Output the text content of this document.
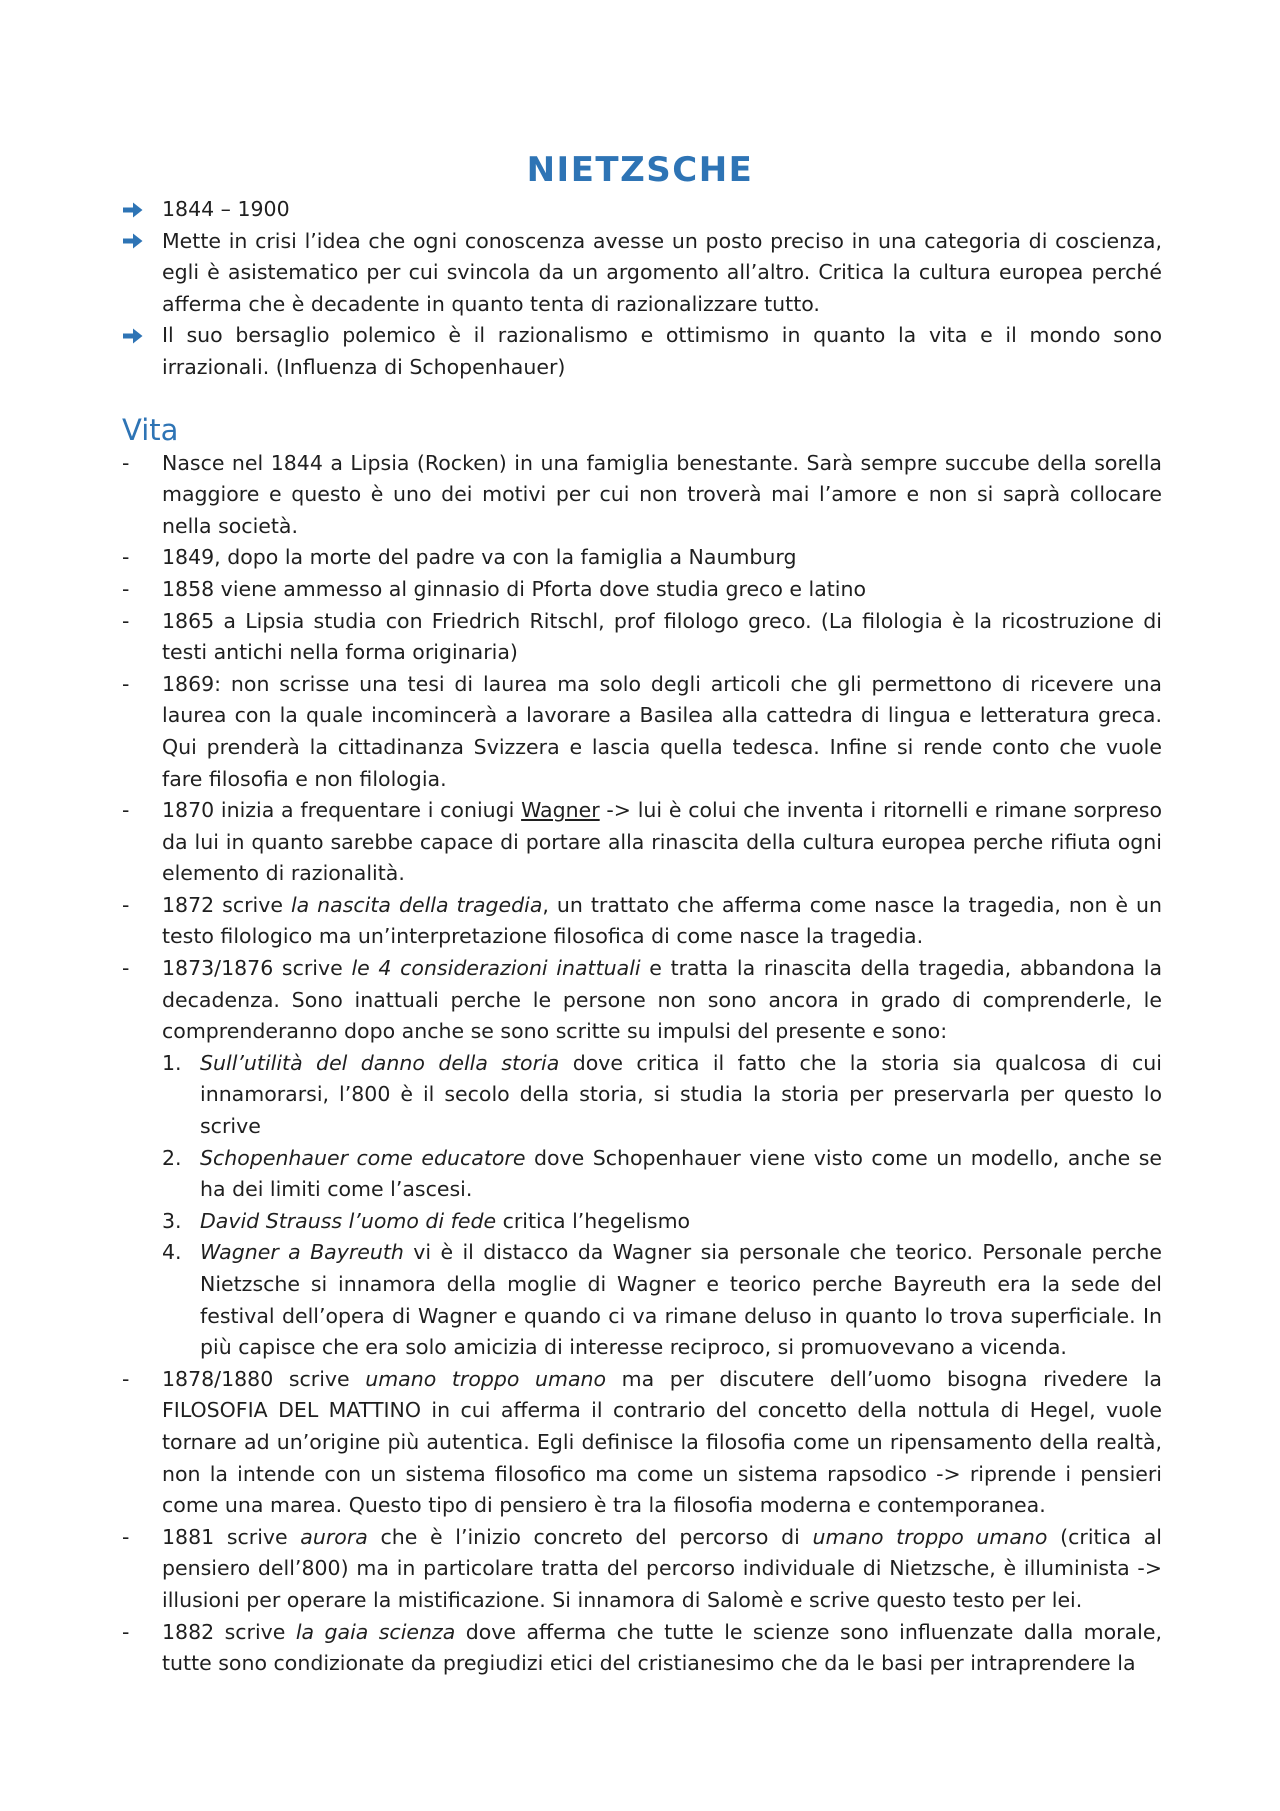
NIETZSCHE
1844 – 1900
Mette in crisi l’idea che ogni conoscenza avesse un posto preciso in una categoria di coscienza, egli è asistematico per cui svincola da un argomento all’altro. Critica la cultura europea perché afferma che è decadente in quanto tenta di razionalizzare tutto.
Il suo bersaglio polemico è il razionalismo e ottimismo in quanto la vita e il mondo sono irrazionali. (Influenza di Schopenhauer)
Vita
-	Nasce nel 1844 a Lipsia (Rocken) in una famiglia benestante. Sarà sempre succube della sorella maggiore e questo è uno dei motivi per cui non troverà mai l’amore e non si saprà collocare nella società.
-	1849, dopo la morte del padre va con la famiglia a Naumburg
-	1858 viene ammesso al ginnasio di Pforta dove studia greco e latino
-	1865 a Lipsia studia con Friedrich Ritschl, prof filologo greco. (La filologia è la ricostruzione di testi antichi nella forma originaria)
-	1869: non scrisse una tesi di laurea ma solo degli articoli che gli permettono di ricevere una laurea con la quale incomincerà a lavorare a Basilea alla cattedra di lingua e letteratura greca. Qui prenderà la cittadinanza Svizzera e lascia quella tedesca. Infine si rende conto che vuole fare filosofia e non filologia.
-	1870 inizia a frequentare i coniugi Wagner -> lui è colui che inventa i ritornelli e rimane sorpreso da lui in quanto sarebbe capace di portare alla rinascita della cultura europea perche rifiuta ogni elemento di razionalità.
-	1872 scrive la nascita della tragedia, un trattato che afferma come nasce la tragedia, non è un testo filologico ma un’interpretazione filosofica di come nasce la tragedia.
-	1873/1876 scrive le 4 considerazioni inattuali e tratta la rinascita della tragedia, abbandona la decadenza. Sono inattuali perche le persone non sono ancora in grado di comprenderle, le comprenderanno dopo anche se sono scritte su impulsi del presente e sono:
1. Sull’utilità del danno della storia dove critica il fatto che la storia sia qualcosa di cui innamorarsi, l’800 è il secolo della storia, si studia la storia per preservarla per questo lo scrive
2. Schopenhauer come educatore dove Schopenhauer viene visto come un modello, anche se ha dei limiti come l’ascesi.
3. David Strauss l’uomo di fede critica l’hegelismo
4. Wagner a Bayreuth vi è il distacco da Wagner sia personale che teorico. Personale perche Nietzsche si innamora della moglie di Wagner e teorico perche Bayreuth era la sede del festival dell’opera di Wagner e quando ci va rimane deluso in quanto lo trova superficiale. In più capisce che era solo amicizia di interesse reciproco, si promuovevano a vicenda.
-	1878/1880 scrive umano troppo umano ma per discutere dell’uomo bisogna rivedere la FILOSOFIA DEL MATTINO in cui afferma il contrario del concetto della nottula di Hegel, vuole tornare ad un’origine più autentica. Egli definisce la filosofia come un ripensamento della realtà, non la intende con un sistema filosofico ma come un sistema rapsodico -> riprende i pensieri come una marea. Questo tipo di pensiero è tra la filosofia moderna e contemporanea.
-	1881 scrive aurora che è l’inizio concreto del percorso di umano troppo umano (critica al pensiero dell’800) ma in particolare tratta del percorso individuale di Nietzsche, è illuminista -> illusioni per operare la mistificazione. Si innamora di Salomè e scrive questo testo per lei.
-	1882 scrive la gaia scienza dove afferma che tutte le scienze sono influenzate dalla morale, tutte sono condizionate da pregiudizi etici del cristianesimo che da le basi per intraprendere la
